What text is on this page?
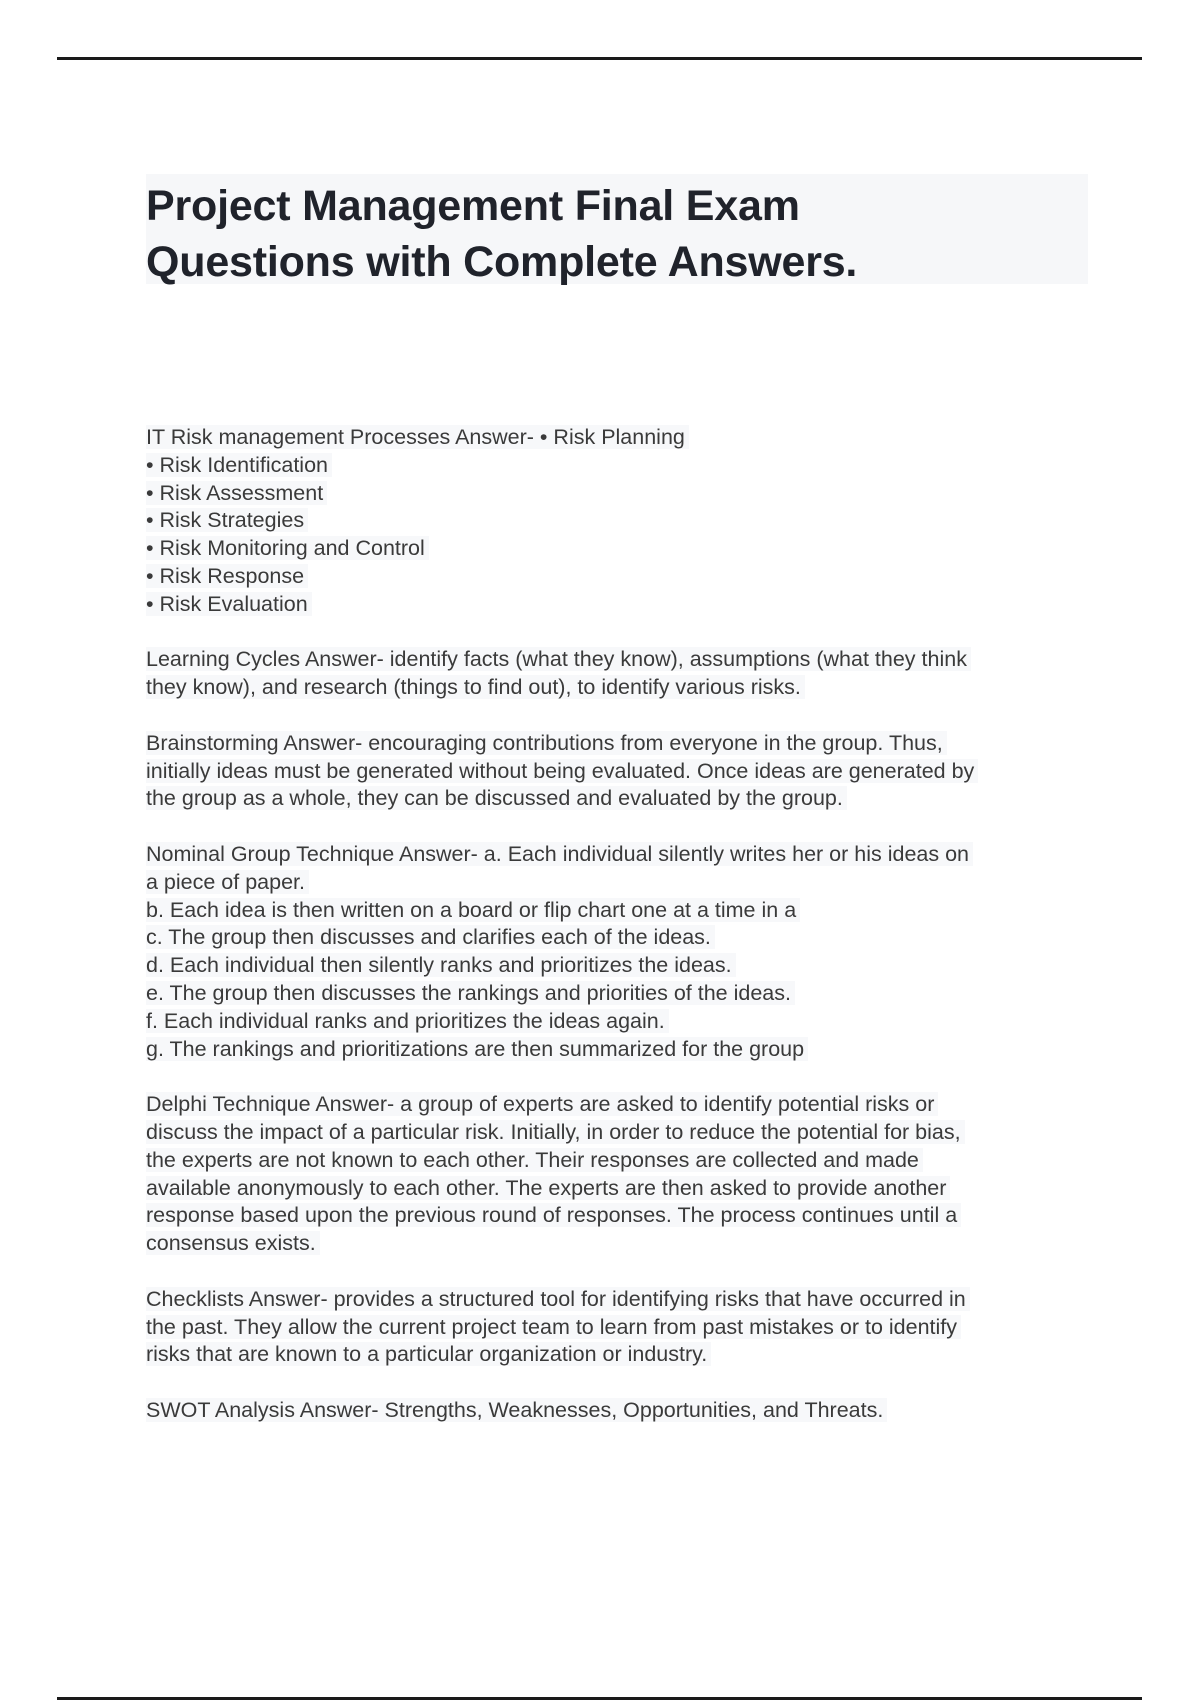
Project Management Final Exam
Questions with Complete Answers.
IT Risk management Processes Answer- • Risk Planning
• Risk Identification
• Risk Assessment
• Risk Strategies
• Risk Monitoring and Control
• Risk Response
• Risk Evaluation
Learning Cycles Answer- identify facts (what they know), assumptions (what they think
they know), and research (things to find out), to identify various risks.
Brainstorming Answer- encouraging contributions from everyone in the group. Thus,
initially ideas must be generated without being evaluated. Once ideas are generated by
the group as a whole, they can be discussed and evaluated by the group.
Nominal Group Technique Answer- a. Each individual silently writes her or his ideas on
a piece of paper.
b. Each idea is then written on a board or flip chart one at a time in a
c. The group then discusses and clarifies each of the ideas.
d. Each individual then silently ranks and prioritizes the ideas.
e. The group then discusses the rankings and priorities of the ideas.
f. Each individual ranks and prioritizes the ideas again.
g. The rankings and prioritizations are then summarized for the group
Delphi Technique Answer- a group of experts are asked to identify potential risks or
discuss the impact of a particular risk. Initially, in order to reduce the potential for bias,
the experts are not known to each other. Their responses are collected and made
available anonymously to each other. The experts are then asked to provide another
response based upon the previous round of responses. The process continues until a
consensus exists.
Checklists Answer- provides a structured tool for identifying risks that have occurred in
the past. They allow the current project team to learn from past mistakes or to identify
risks that are known to a particular organization or industry.
SWOT Analysis Answer- Strengths, Weaknesses, Opportunities, and Threats.
